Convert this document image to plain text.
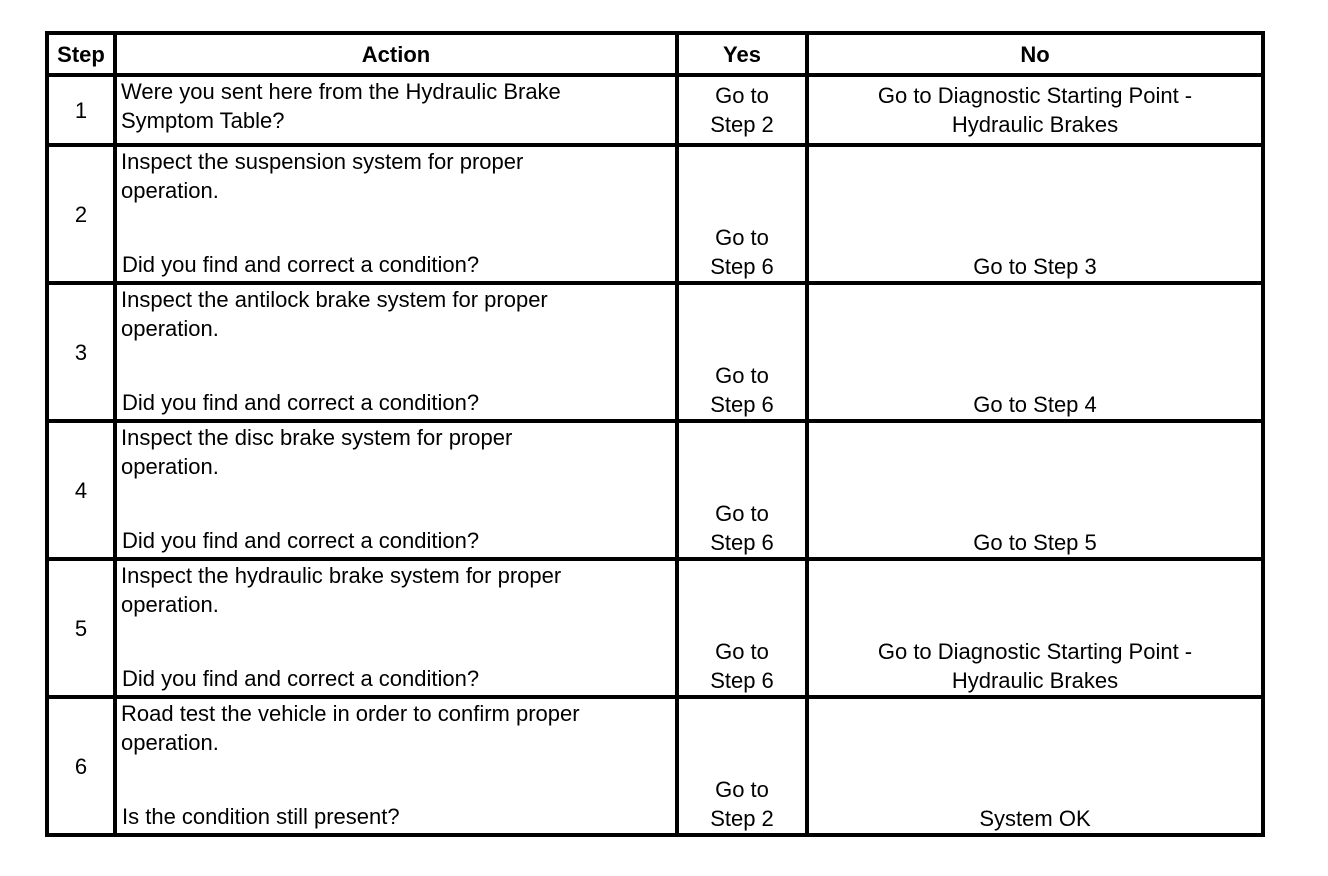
Step	Action	Yes	No
1	Were you sent here from the Hydraulic Brake
Symptom Table?	Go to
Step 2	Go to Diagnostic Starting Point -
Hydraulic Brakes

2	Inspect the suspension system for proper
operation.
Did you find and correct a condition?	Go to
Step 6	Go to Step 3

3	Inspect the antilock brake system for proper
operation.
Did you find and correct a condition?	Go to
Step 6	Go to Step 4

4	Inspect the disc brake system for proper
operation.
Did you find and correct a condition?	Go to
Step 6	Go to Step 5

5	Inspect the hydraulic brake system for proper
operation.
Did you find and correct a condition?	Go to
Step 6	Go to Diagnostic Starting Point -
Hydraulic Brakes

6	Road test the vehicle in order to confirm proper
operation.
Is the condition still present?	Go to
Step 2	System OK
